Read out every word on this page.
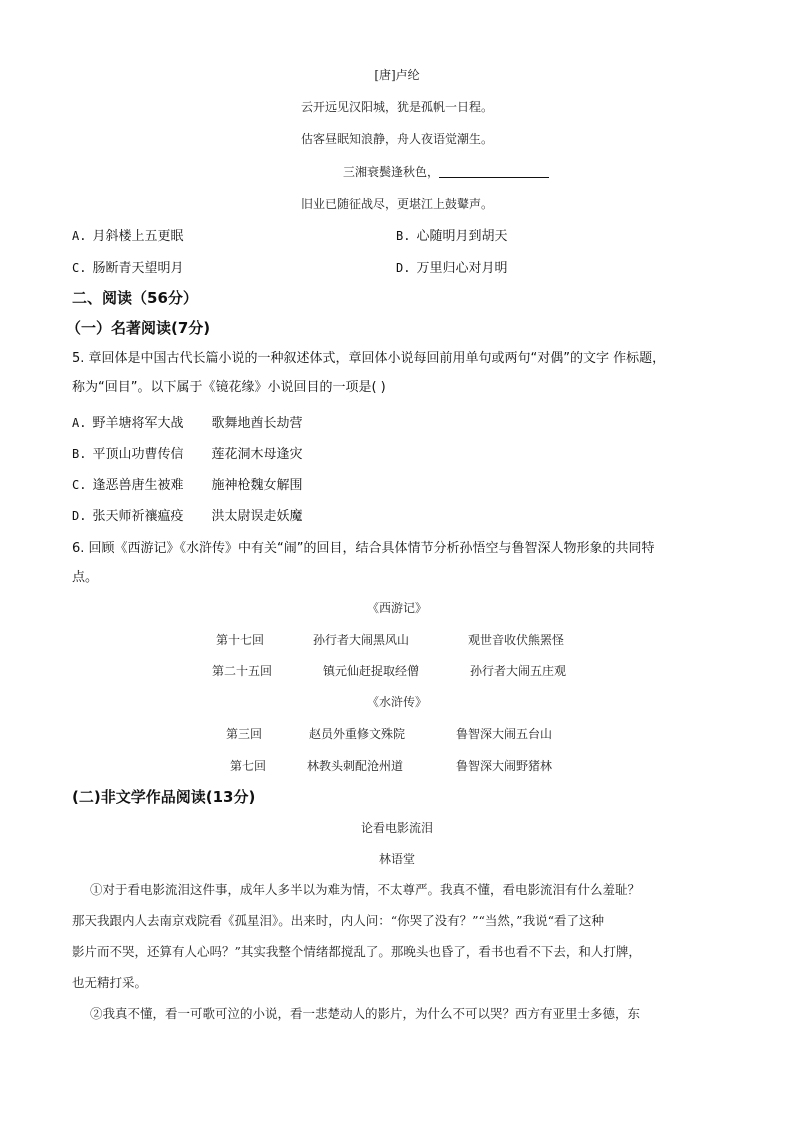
[唐]卢纶
云开远见汉阳城，犹是孤帆一日程。
估客昼眠知浪静，舟人夜语觉潮生。
三湘衰鬓逢秋色，
旧业已随征战尽，更堪江上鼓鼙声。
A. 月斜楼上五更眠	B. 心随明月到胡天
C. 肠断青天望明月	D. 万里归心对月明
二、阅读（56分）
（一）名著阅读(7分)
5. 章回体是中国古代长篇小说的一种叙述体式，章回体小说每回前用单句或两句“对偶”的文字 作标题，
称为“回目”。以下属于《镜花缘》小说回目的一项是( )
A. 野羊塘将军大战 歌舞地酋长劫营
B. 平顶山功曹传信 莲花洞木母逢灾
C. 逢恶兽唐生被难 施神枪魏女解围
D. 张天师祈禳瘟疫 洪太尉误走妖魔
6. 回顾《西游记》《水浒传》中有关“闹”的回目，结合具体情节分析孙悟空与鲁智深人物形象的共同特
点。
《西游记》
第十七回	孙行者大闹黑风山	观世音收伏熊罴怪
第二十五回	镇元仙赶捉取经僧	孙行者大闹五庄观
《水浒传》
第三回	赵员外重修文殊院	鲁智深大闹五台山
第七回	林教头刺配沧州道	鲁智深大闹野猪林
(二)非文学作品阅读(13分)
论看电影流泪
林语堂
①对于看电影流泪这件事，成年人多半以为难为情，不太尊严。我真不懂，看电影流泪有什么羞耻？
那天我跟内人去南京戏院看《孤星泪》。出来时，内人问：“你哭了没有？”“当然，”我说“看了这种
影片而不哭，还算有人心吗？”其实我整个情绪都搅乱了。那晚头也昏了，看书也看不下去，和人打牌，
也无精打采。
②我真不懂，看一可歌可泣的小说，看一悲楚动人的影片，为什么不可以哭？西方有亚里士多德，东
